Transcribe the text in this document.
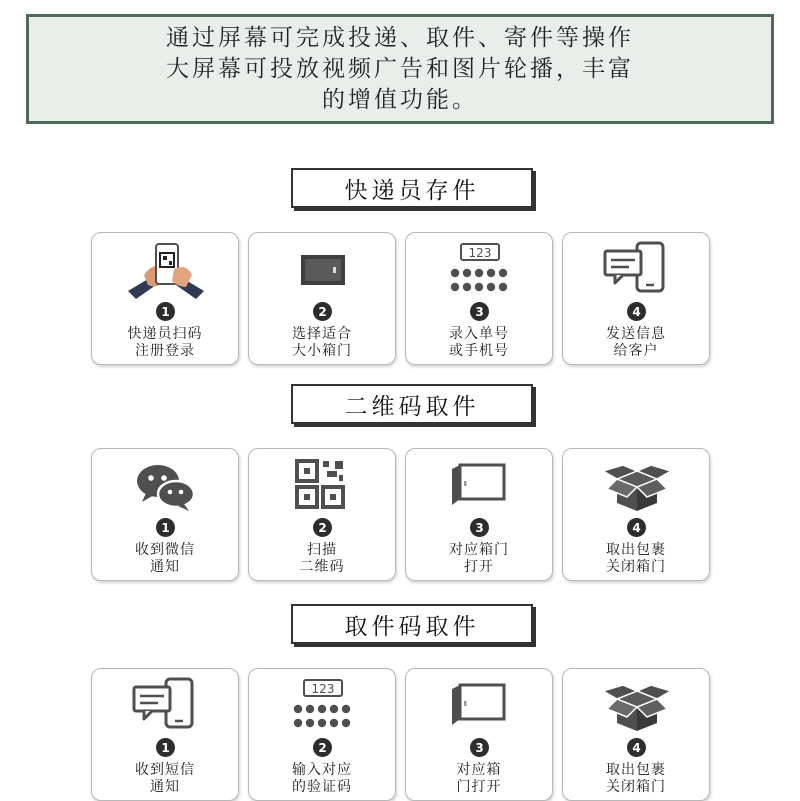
通过屏幕可完成投递、取件、寄件等操作
大屏幕可投放视频广告和图片轮播，丰富
的增值功能。
快递员存件
1
快递员扫码
注册登录
2
选择适合
大小箱门
123
3
录入单号
或手机号
4
发送信息
给客户
二维码取件
1
收到微信
通知
2
扫描
二维码
3
对应箱门
打开
4
取出包裹
关闭箱门
取件码取件
1
收到短信
通知
123
2
输入对应
的验证码
3
对应箱
门打开
4
取出包裹
关闭箱门
